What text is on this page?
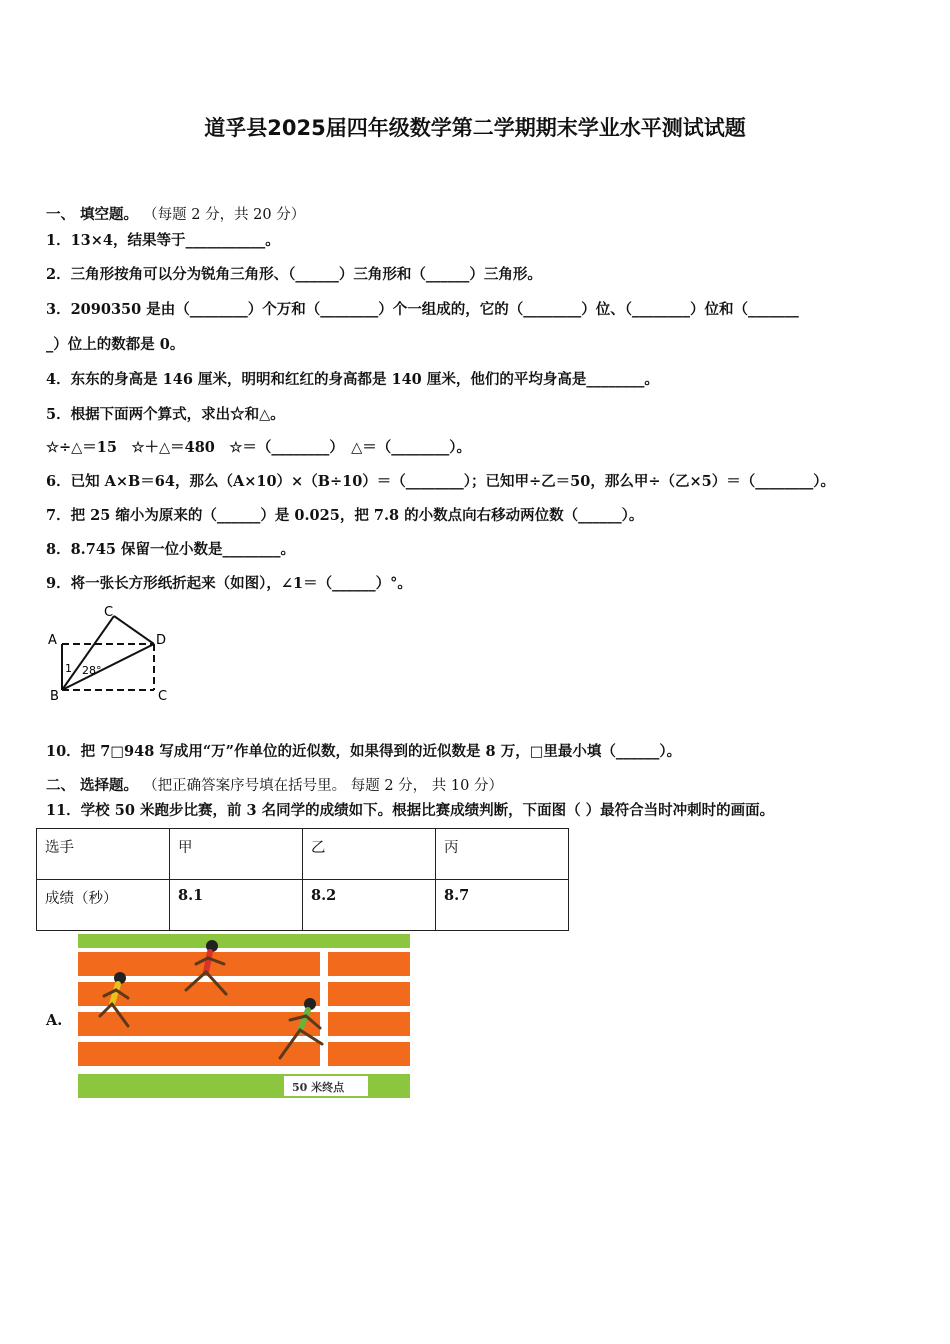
道孚县2025届四年级数学第二学期期末学业水平测试试题
一、 填空题。 （每题 2 分，共 20 分）
1．13×4，结果等于___________。
2．三角形按角可以分为锐角三角形、（______）三角形和（______）三角形。
3．2090350 是由（________）个万和（________）个一组成的，它的（________）位、（________）位和（_______
_）位上的数都是 0。
4．东东的身高是 146 厘米，明明和红红的身高都是 140 厘米，他们的平均身高是________。
5．根据下面两个算式，求出☆和△。
☆÷△＝15　☆＋△＝480　☆＝（________）　△＝（________）。
6．已知 A×B＝64，那么（A×10）×（B÷10）＝（________）；已知甲÷乙＝50，那么甲÷（乙×5）＝（________）。
7．把 25 缩小为原来的（______）是 0.025，把 7.8 的小数点向右移动两位数（______）。
8．8.745 保留一位小数是________。
9．将一张长方形纸折起来（如图），∠1＝（______）°。
A
B
C
D
C
1 28°
10．把 7□948 写成用“万”作单位的近似数，如果得到的近似数是 8 万，□里最小填（______）。
二、 选择题。 （把正确答案序号填在括号里。 每题 2 分， 共 10 分）
11．学校 50 米跑步比赛，前 3 名同学的成绩如下。根据比赛成绩判断，下面图（ ）最符合当时冲刺时的画面。
选手	甲	乙	丙
成绩（秒）	8.1	8.2	8.7
A.
50 米终点
